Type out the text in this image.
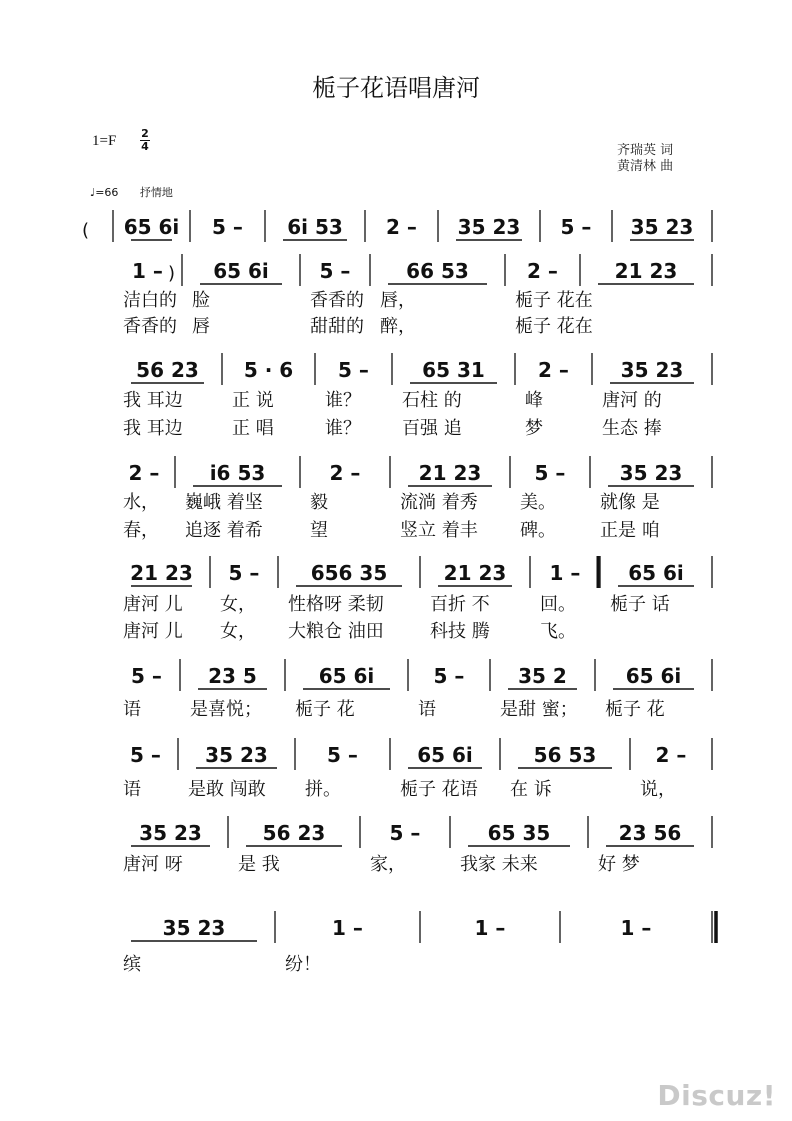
栀子花语唱唐河
1=F 2
4	齐瑞英 词
黄清林 曲
♩=66 抒情地
( 65 6i 5 – 6i 53 2 – 35 23 5 – 35 23
1 –
洁白的
香香的
65 6i
脸
唇
5 –
香香的
甜甜的
66 53
唇，
醉，
2 –
栀子 花在
栀子 花在
21 23
56 23
我 耳边
我 耳边
5 · 6
正 说
正 唱
5 –
谁？
谁？
65 31
石柱 的
百强 追
2 –
峰
梦
35 23
唐河 的
生态 捧
2 –
水，
春，
i6 53
巍峨 着坚
追逐 着希
2 –
毅
望
21 23
流淌 着秀
竖立 着丰
5 –
美。
碑。
35 23
就像 是
正是 咱
21 23
唐河 儿
唐河 儿
5 –
女，
女，
656 35
性格呀 柔韧
大粮仓 油田
21 23
百折 不
科技 腾
1 –
回。
飞。
65 6i
栀子 话
5 –
语
23 5
是喜悦；
65 6i
栀子 花
5 –
语
35 2
是甜 蜜；
65 6i
栀子 花
5 –
语
35 23
是敢 闯敢
5 –
拼。
65 6i
栀子 花语
56 53
在 诉
2 –
说，
35 23
唐河 呀
56 23
是 我
5 –
家，
65 35
我家 未来
23 56
好 梦
35 23
缤
1 –
纷！
1 –	1 –
)
Discuz!
